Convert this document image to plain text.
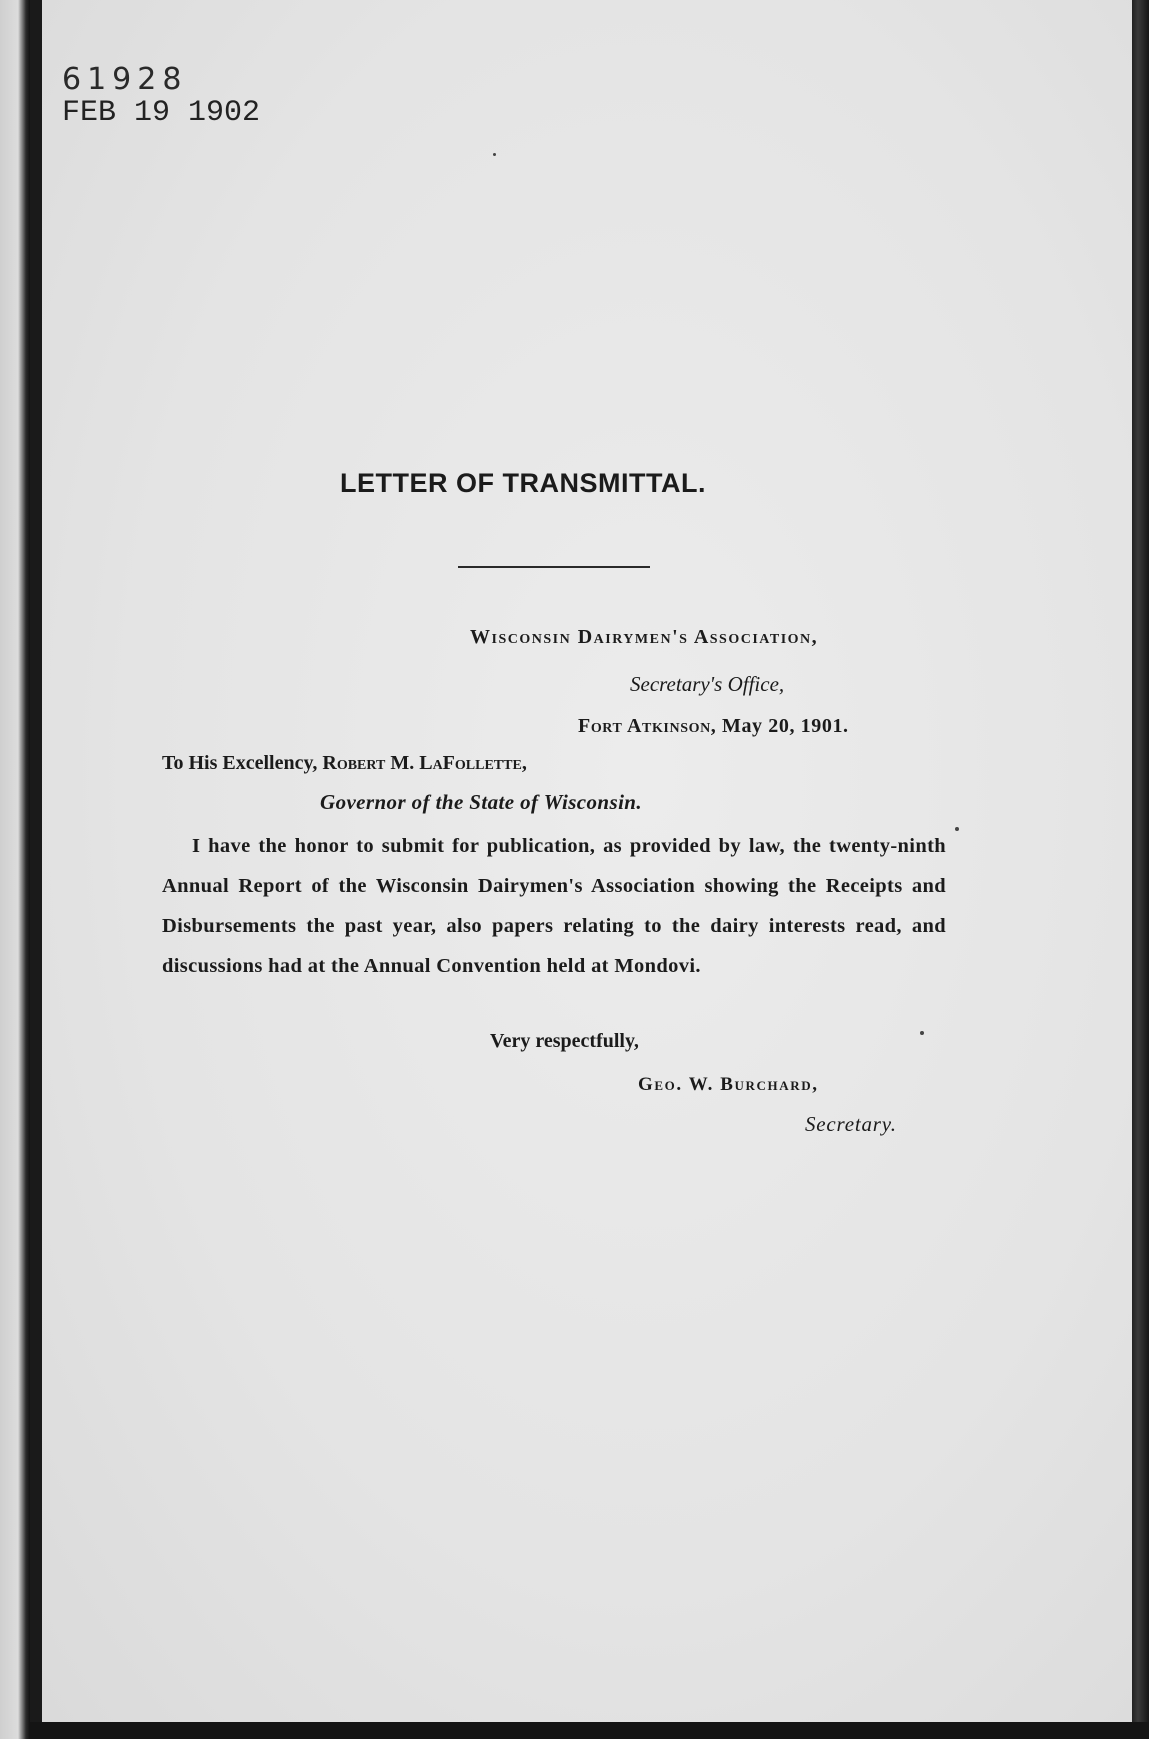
61928

FEB 19 1902

LETTER OF TRANSMITTAL.

Wisconsin Dairymen's Association,

Secretary's Office,

Fort Atkinson, May 20, 1901.

To His Excellency, Robert M. LaFollette,

Governor of the State of Wisconsin.

I have the honor to submit for publication, as provided by law, the twenty-ninth Annual Report of the Wisconsin Dairymen's Association showing the Receipts and Disbursements the past year, also papers relating to the dairy interests read, and discussions had at the Annual Convention held at Mondovi.

Very respectfully,

Geo. W. Burchard,

Secretary.
